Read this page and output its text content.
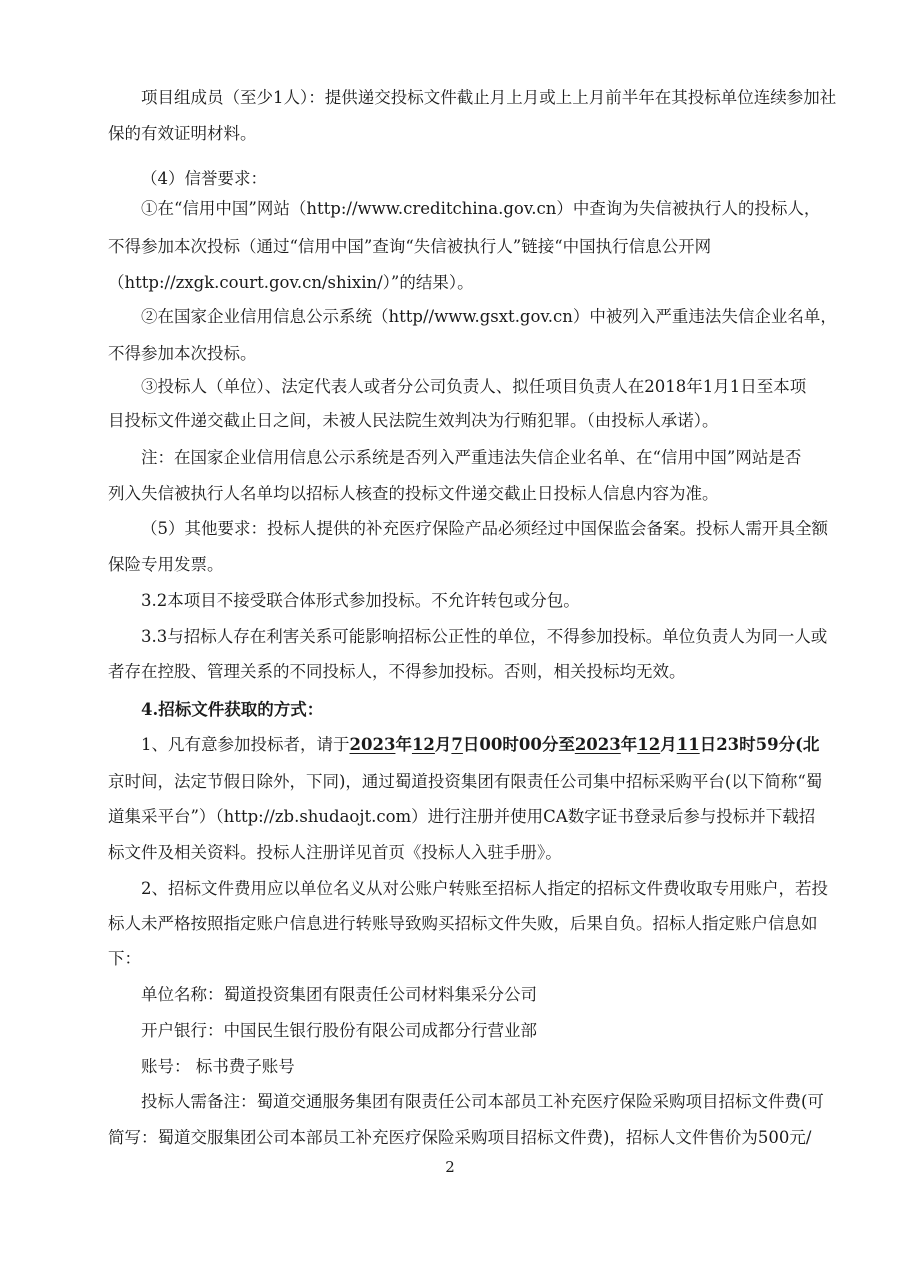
项目组成员（至少1人）：提供递交投标文件截止月上月或上上月前半年在其投标单位连续参加社
保的有效证明材料。
（4）信誉要求：
①在“信用中国”网站（http://www.creditchina.gov.cn）中查询为失信被执行人的投标人，
不得参加本次投标（通过“信用中国”查询“失信被执行人”链接“中国执行信息公开网
（http://zxgk.court.gov.cn/shixin/）”的结果）。
②在国家企业信用信息公示系统（http//www.gsxt.gov.cn）中被列入严重违法失信企业名单，
不得参加本次投标。
③投标人（单位）、法定代表人或者分公司负责人、拟任项目负责人在2018年1月1日至本项
目投标文件递交截止日之间，未被人民法院生效判决为行贿犯罪。（由投标人承诺）。
注：在国家企业信用信息公示系统是否列入严重违法失信企业名单、在“信用中国”网站是否
列入失信被执行人名单均以招标人核查的投标文件递交截止日投标人信息内容为准。
（5）其他要求：投标人提供的补充医疗保险产品必须经过中国保监会备案。投标人需开具全额
保险专用发票。
3.2本项目不接受联合体形式参加投标。不允许转包或分包。
3.3与招标人存在利害关系可能影响招标公正性的单位，不得参加投标。单位负责人为同一人或
者存在控股、管理关系的不同投标人，不得参加投标。否则，相关投标均无效。
4.招标文件获取的方式：
1、凡有意参加投标者，请于2023年12月7日00时00分至2023年12月11日23时59分(北
京时间，法定节假日除外，下同)，通过蜀道投资集团有限责任公司集中招标采购平台(以下简称“蜀
道集采平台”）（http://zb.shudaojt.com）进行注册并使用CA数字证书登录后参与投标并下载招
标文件及相关资料。投标人注册详见首页《投标人入驻手册》。
2、招标文件费用应以单位名义从对公账户转账至招标人指定的招标文件费收取专用账户，若投
标人未严格按照指定账户信息进行转账导致购买招标文件失败，后果自负。招标人指定账户信息如
下：
单位名称：蜀道投资集团有限责任公司材料集采分公司
开户银行：中国民生银行股份有限公司成都分行营业部
账号： 标书费子账号
投标人需备注：蜀道交通服务集团有限责任公司本部员工补充医疗保险采购项目招标文件费(可
简写：蜀道交服集团公司本部员工补充医疗保险采购项目招标文件费)，招标人文件售价为500元/
2
